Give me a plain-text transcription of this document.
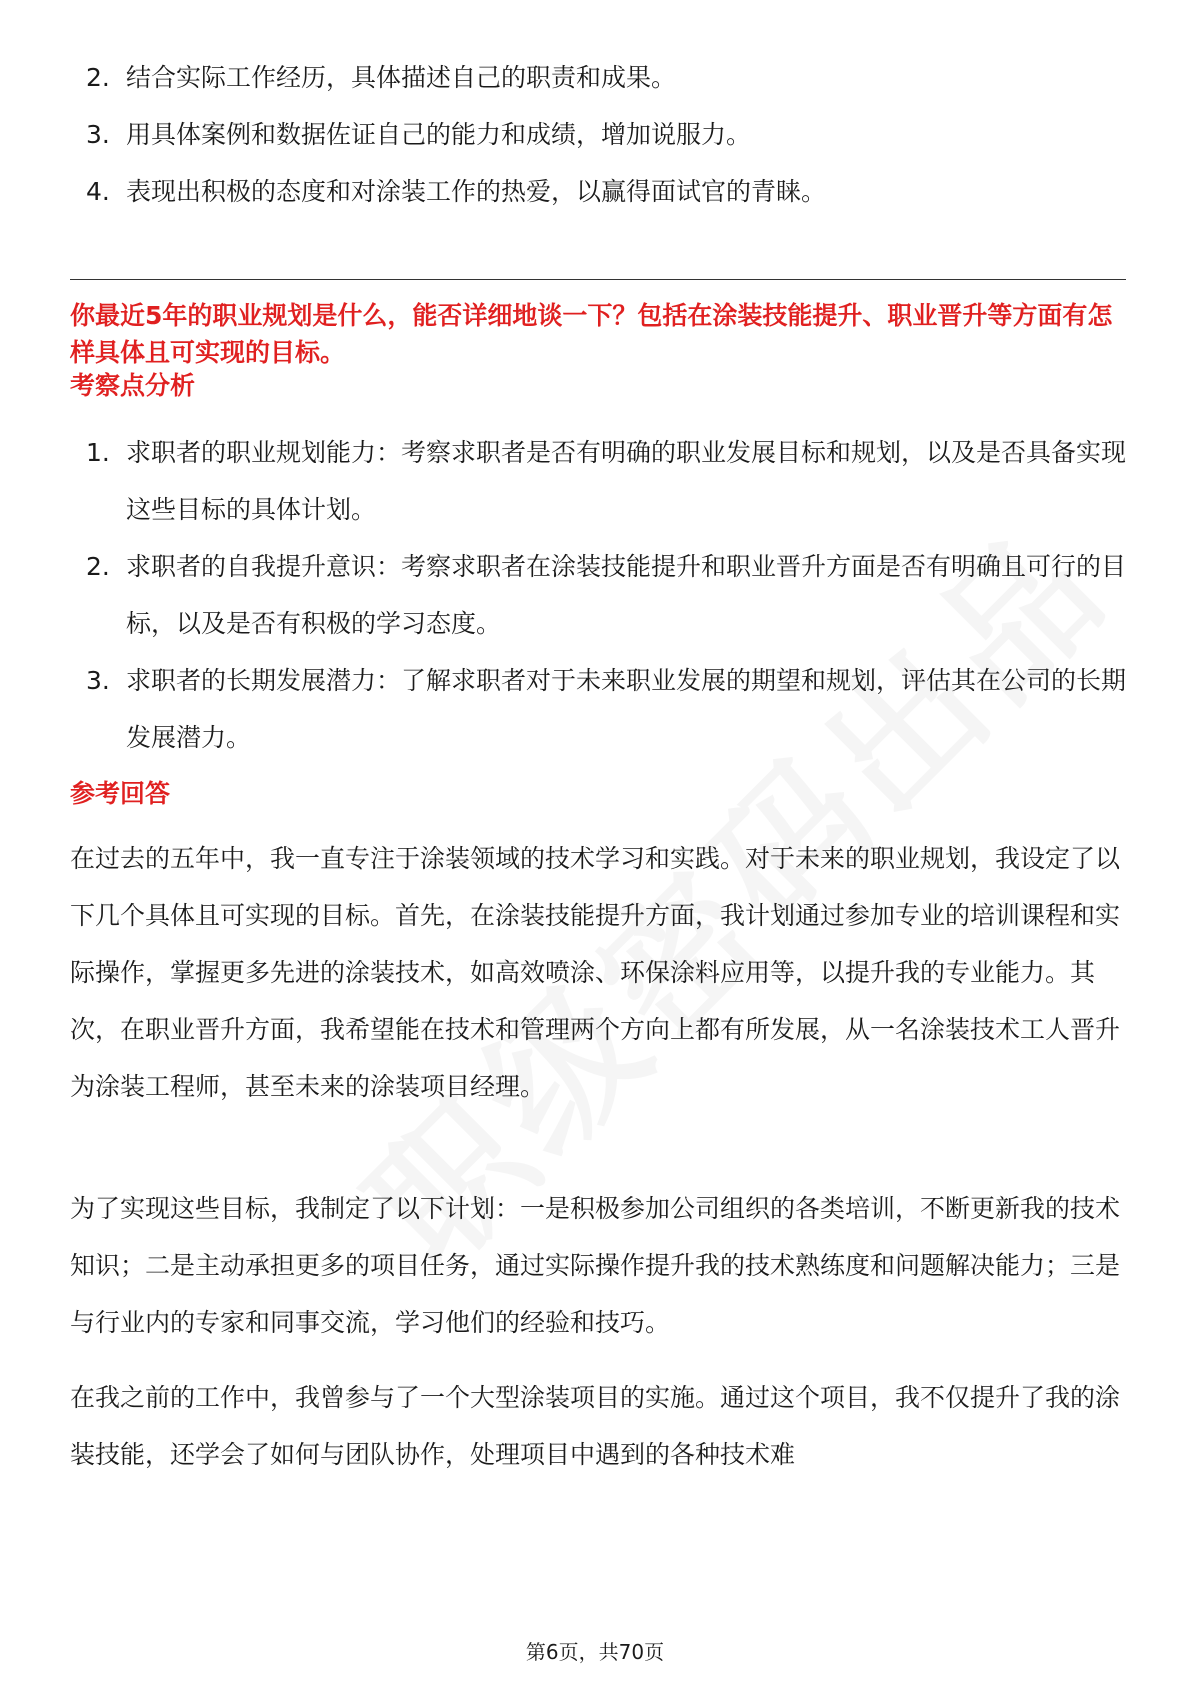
2. 结合实际工作经历，具体描述自己的职责和成果。
3. 用具体案例和数据佐证自己的能力和成绩，增加说服力。
4. 表现出积极的态度和对涂装工作的热爱，以赢得面试官的青睐。
你最近5年的职业规划是什么，能否详细地谈一下？包括在涂装技能提升、职业晋升等方面有怎样具体且可实现的目标。
考察点分析
1. 求职者的职业规划能力：考察求职者是否有明确的职业发展目标和规划，以及是否具备实现这些目标的具体计划。
2. 求职者的自我提升意识：考察求职者在涂装技能提升和职业晋升方面是否有明确且可行的目标，以及是否有积极的学习态度。
3. 求职者的长期发展潜力：了解求职者对于未来职业发展的期望和规划，评估其在公司的长期发展潜力。
参考回答

在过去的五年中，我一直专注于涂装领域的技术学习和实践。对于未来的职业规划，我设定了以下几个具体且可实现的目标。首先，在涂装技能提升方面，我计划通过参加专业的培训课程和实际操作，掌握更多先进的涂装技术，如高效喷涂、环保涂料应用等，以提升我的专业能力。其次，在职业晋升方面，我希望能在技术和管理两个方向上都有所发展，从一名涂装技术工人晋升为涂装工程师，甚至未来的涂装项目经理。

为了实现这些目标，我制定了以下计划：一是积极参加公司组织的各类培训，不断更新我的技术知识；二是主动承担更多的项目任务，通过实际操作提升我的技术熟练度和问题解决能力；三是与行业内的专家和同事交流，学习他们的经验和技巧。

在我之前的工作中，我曾参与了一个大型涂装项目的实施。通过这个项目，我不仅提升了我的涂装技能，还学会了如何与团队协作，处理项目中遇到的各种技术难

第6页，共70页
